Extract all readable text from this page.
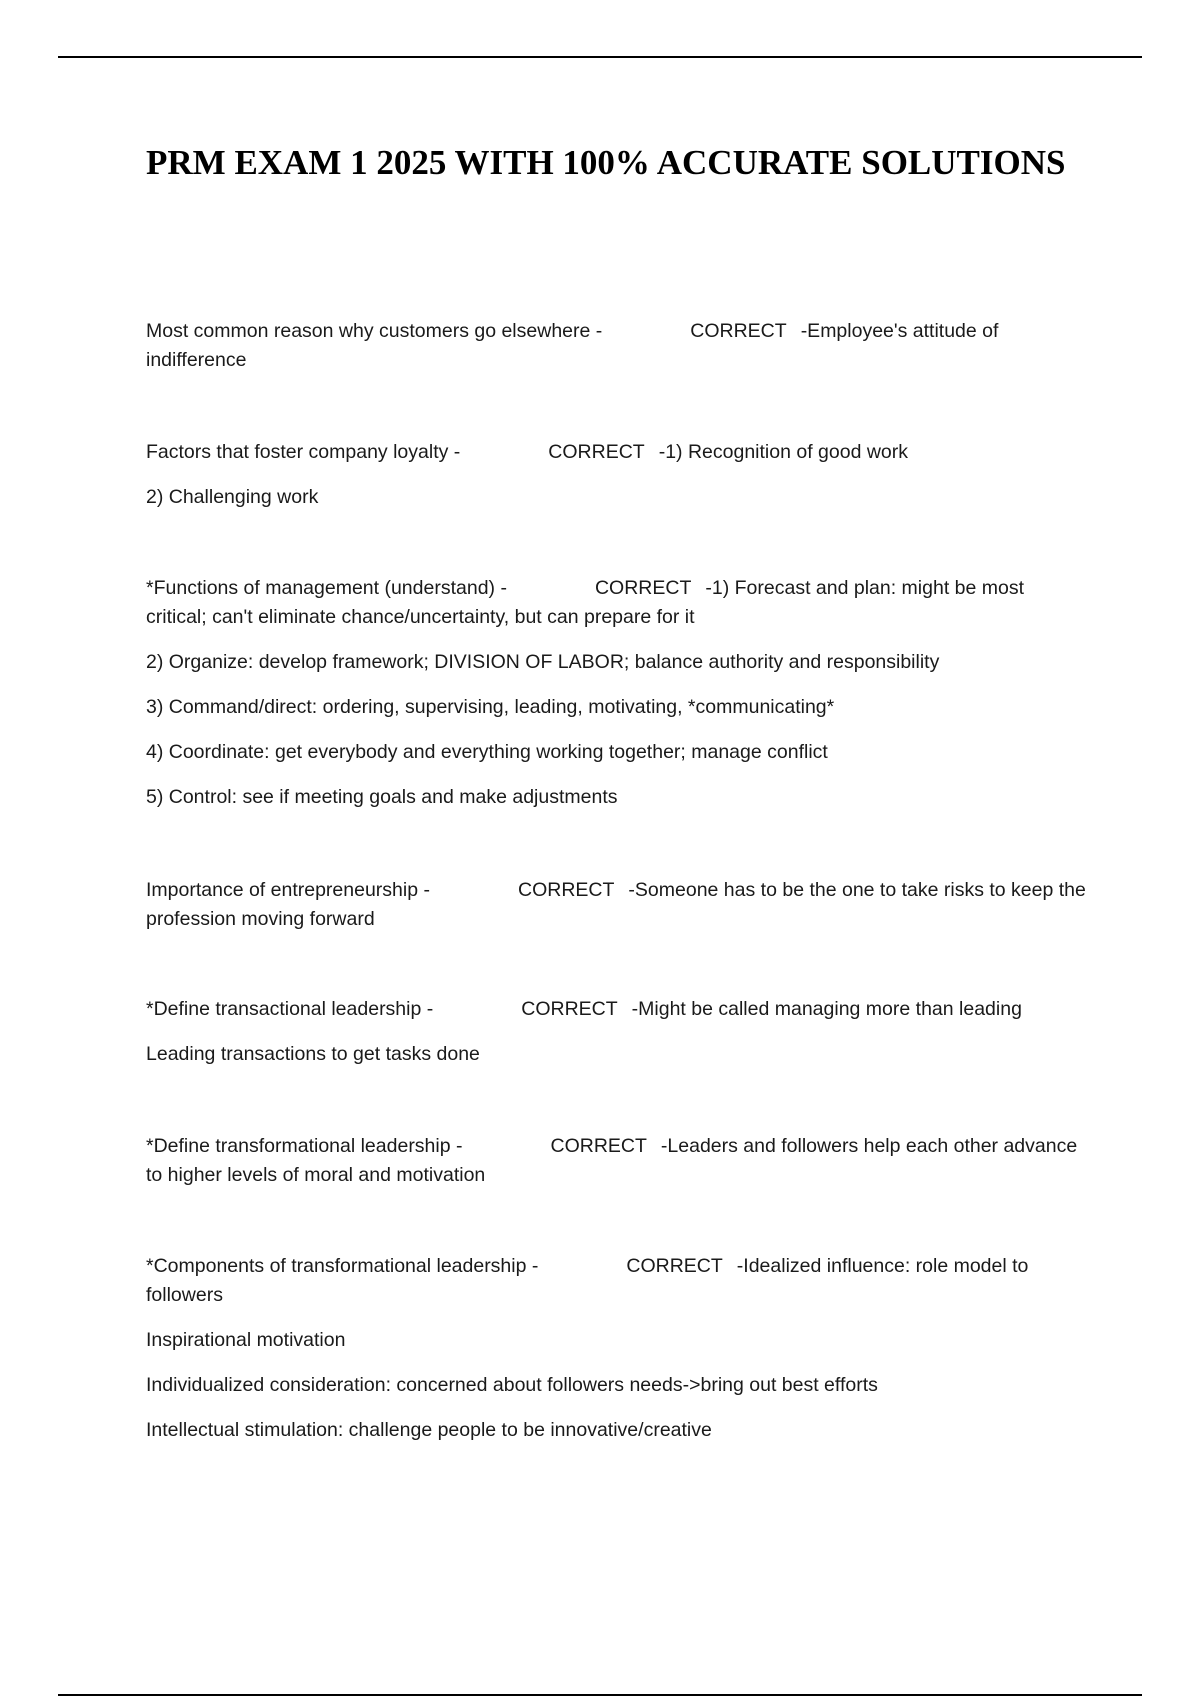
PRM EXAM 1 2025 WITH 100% ACCURATE SOLUTIONS

Most common reason why customers go elsewhere -	CORRECT -Employee's attitude of indifference

Factors that foster company loyalty -	CORRECT -1) Recognition of good work

2) Challenging work

*Functions of management (understand) -	CORRECT -1) Forecast and plan: might be most critical; can't eliminate chance/uncertainty, but can prepare for it

2) Organize: develop framework; DIVISION OF LABOR; balance authority and responsibility

3) Command/direct: ordering, supervising, leading, motivating, *communicating*

4) Coordinate: get everybody and everything working together; manage conflict

5) Control: see if meeting goals and make adjustments

Importance of entrepreneurship -	CORRECT -Someone has to be the one to take risks to keep the profession moving forward

*Define transactional leadership -	CORRECT -Might be called managing more than leading

Leading transactions to get tasks done

*Define transformational leadership -	CORRECT -Leaders and followers help each other advance to higher levels of moral and motivation

*Components of transformational leadership -	CORRECT -Idealized influence: role model to followers

Inspirational motivation

Individualized consideration: concerned about followers needs->bring out best efforts

Intellectual stimulation: challenge people to be innovative/creative
